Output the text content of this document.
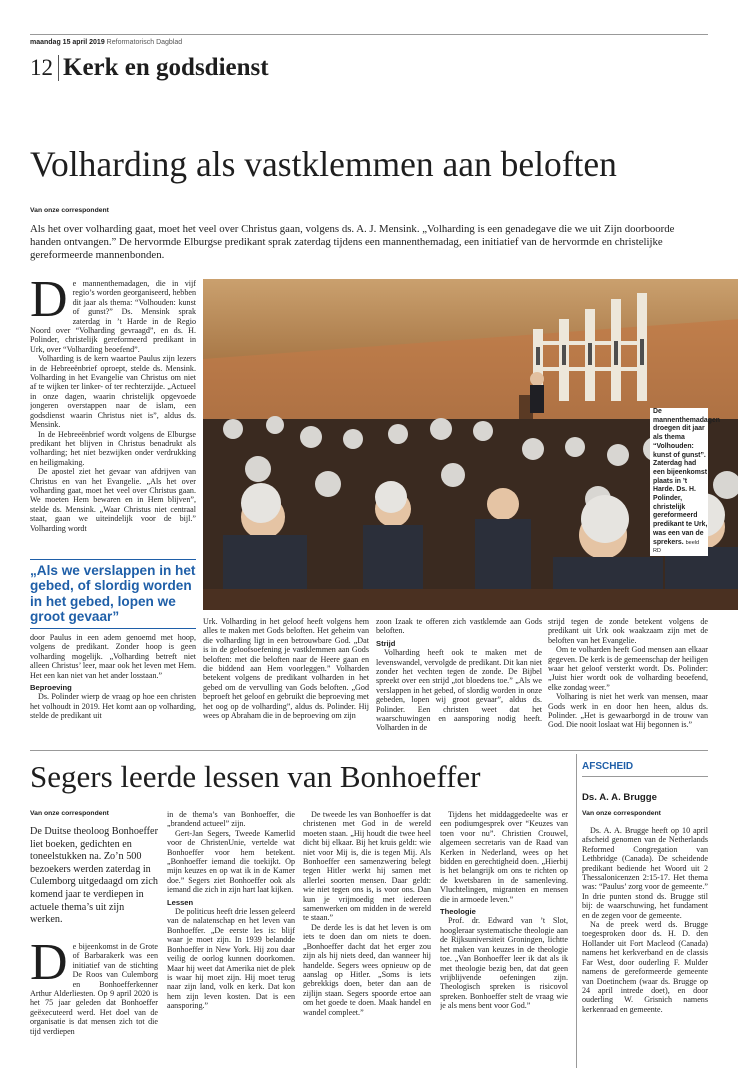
maandag 15 april 2019 Reformatorisch Dagblad
12 Kerk en godsdienst
Volharding als vastklemmen aan beloften
Van onze correspondent
Als het over volharding gaat, moet het veel over Christus gaan, volgens ds. A. J. Mensink. „Volharding is een genadegave die we uit Zijn doorboorde handen ontvangen.” De hervormde Elburgse predikant sprak zaterdag tijdens een mannenthemadag, een initiatief van de hervormde en christelijke gereformeerde mannenbonden.
D e mannenthemadagen, die in vijf regio’s worden georganiseerd, hebben dit jaar als thema: “Volhouden: kunst of gunst?” Ds. Mensink sprak zaterdag in ’t Harde in de Regio Noord over “Volharding gevraagd”, en ds. H. Polinder, christelijk gereformeerd predikant in Urk, over “Volharding beoefend”.

Volharding is de kern waartoe Paulus zijn lezers in de Hebreeënbrief oproept, stelde ds. Mensink. Volharding in het Evangelie van Christus om niet af te wijken ter linker- of ter rechterzijde. „Actueel in onze dagen, waarin christelijk opgevoede jongeren overstappen naar de islam, een godsdienst waarin Christus niet is”, aldus ds. Mensink.

In de Hebreeënbrief wordt volgens de Elburgse predikant het blijven in Christus benadrukt als volharding; het niet bezwijken onder verdrukking en heiligmaking.

De apostel ziet het gevaar van afdrijven van Christus en van het Evangelie. „Als het over volharding gaat, moet het veel over Christus gaan. We moeten Hem bewaren en in Hem blijven”, stelde ds. Mensink. „Waar Christus niet centraal staat, gaan we uiteindelijk voor de bijl.” Volharding wordt

„Als we verslappen in het gebed, of slordig worden in het gebed, lopen we groot gevaar”

door Paulus in een adem genoemd met hoop, volgens de predikant. Zonder hoop is geen volharding mogelijk. „Volharding betreft niet alleen Christus’ leer, maar ook het leven met Hem. Het een kan niet van het ander losstaan.”

Beproeving

Ds. Polinder wierp de vraag op hoe een christen het volhoudt in 2019. Het komt aan op volharding, stelde de predikant uit

De mannenthemadagen droegen dit jaar als thema “Volhouden: kunst of gunst”. Zaterdag had een bijeenkomst plaats in ’t Harde. Ds. H. Polinder, christelijk gereformeerd predikant te Urk, was een van de sprekers. beeld RD

Urk. Volharding in het geloof heeft volgens hem alles te maken met Gods beloften. Het geheim van die volharding ligt in een betrouwbare God. „Dat is in de geloofsoefening je vastklemmen aan Gods beloften: met die beloften naar de Heere gaan en die biddend aan Hem voorleggen.” Volharden betekent volgens de predikant volharden in het gebed om de vervulling van Gods beloften. „God beproeft het geloof en gebruikt die beproeving met het oog op de volharding”, aldus ds. Polinder. Hij wees op Abraham die in de beproeving om zijn

zoon Izaak te offeren zich vastklemde aan Gods beloften.

Strijd

Volharding heeft ook te maken met de levenswandel, vervolgde de predikant. Dit kan niet zonder het vechten tegen de zonde. De Bijbel spreekt over een strijd „tot bloedens toe.” „Als we verslappen in het gebed, of slordig worden in onze gebeden, lopen wij groot gevaar”, aldus ds. Polinder. Een christen weet dat het waarschuwingen en aansporing nodig heeft. Volharden in de

strijd tegen de zonde betekent volgens de predikant uit Urk ook waakzaam zijn met de beloften van het Evangelie.

Om te volharden heeft God mensen aan elkaar gegeven. De kerk is de gemeenschap der heiligen waar het geloof versterkt wordt. Ds. Polinder: „Juist hier wordt ook de volharding beoefend, elke zondag weer.”

Volharing is niet het werk van mensen, maar Gods werk in en door hen heen, aldus ds. Polinder. „Het is gewaarborgd in de trouw van God. Die nooit loslaat wat Hij begonnen is.”

Segers leerde lessen van Bonhoeffer
Van onze correspondent
De Duitse theoloog Bonhoeffer liet boeken, gedichten en toneelstukken na. Zo’n 500 bezoekers werden zaterdag in Culemborg uitgedaagd om zich komend jaar te verdiepen in actuele thema’s uit zijn werken.
D e bijeenkomst in de Grote of Barbarakerk was een initiatief van de stichting De Roos van Culemborg en Bonhoefferkenner Arthur Alderliesten. Op 9 april 2020 is het 75 jaar geleden dat Bonhoeffer geëxecuteerd werd. Het doel van de organisatie is dat mensen zich tot die tijd verdiepen

in de thema’s van Bonhoeffer, die „brandend actueel” zijn.

Gert-Jan Segers, Tweede Kamerlid voor de ChristenUnie, vertelde wat Bonhoeffer voor hem betekent. „Bonhoeffer iemand die toekijkt. Op mijn keuzes en op wat ik in de Kamer doe.” Segers ziet Bonhoeffer ook als iemand die zich in zijn hart laat kijken.

Lessen

De politicus heeft drie lessen geleerd van de nalatenschap en het leven van Bonhoeffer. „De eerste les is: blijf waar je moet zijn. In 1939 belandde Bonhoeffer in New York. Hij zou daar veilig de oorlog kunnen doorkomen. Maar hij weet dat Amerika niet de plek is waar hij moet zijn. Hij moet terug naar zijn land, volk en kerk. Dat kon hem zijn leven kosten. Dat is een aansporing.”

De tweede les van Bonhoeffer is dat christenen met God in de wereld moeten staan. „Hij houdt die twee heel dicht bij elkaar. Bij het kruis geldt: wie niet voor Mij is, die is tegen Mij. Als Bonhoeffer een samenzwering belegt tegen Hitler werkt hij samen met allerlei soorten mensen. Daar geldt: wie niet tegen ons is, is voor ons. Dan kun je vrijmoedig met iedereen samenwerken om midden in de wereld te staan.”

De derde les is dat het leven is om iets te doen dan om niets te doen. „Bonhoeffer dacht dat het erger zou zijn als hij niets deed, dan wanneer hij handelde. Segers wees opnieuw op de aanslag op Hitler. „Soms is iets gebrekkigs doen, beter dan aan de zijlijn staan. Segers spoorde ertoe aan om het goede te doen. Maak handel en wandel compleet.”

Tijdens het middaggedeelte was er een podiumgesprek over “Keuzes van toen voor nu”. Christien Crouwel, algemeen secretaris van de Raad van Kerken in Nederland, wees op het bidden en gerechtigheid doen. „Hierbij is het belangrijk om ons te richten op de kwetsbaren in de samenleving. Vluchtelingen, migranten en mensen die in armoede leven.”

Theologie

Prof. dr. Edward van ’t Slot, hoogleraar systematische theologie aan de Rijksuniversiteit Groningen, lichtte het maken van keuzes in de theologie toe. „Van Bonhoeffer leer ik dat als ik met theologie bezig ben, dat dat geen vrijblijvende oefeningen zijn. Theologisch spreken is risicovol spreken. Bonhoeffer stelt de vraag wie je als mens bent voor God.”

AFSCHEID
Ds. A. A. Brugge
Van onze correspondent

Ds. A. A. Brugge heeft op 10 april afscheid genomen van de Netherlands Reformed Congregation van Lethbridge (Canada). De scheidende predikant bediende het Woord uit 2 Thessalonicenzen 2:15-17. Het thema was: “Paulus’ zorg voor de gemeente.” In drie punten stond ds. Brugge stil bij: de waarschuwing, het fundament en de zegen voor de gemeente.

Na de preek werd ds. Brugge toegesproken door ds. H. D. den Hollander uit Fort Macleod (Canada) namens het kerkverband en de classis Far West, door ouderling F. Mulder namens de gereformeerde gemeente van Doetinchem (waar ds. Brugge op 24 april intrede doet), en door ouderling W. Grisnich namens kerkenraad en gemeente.
